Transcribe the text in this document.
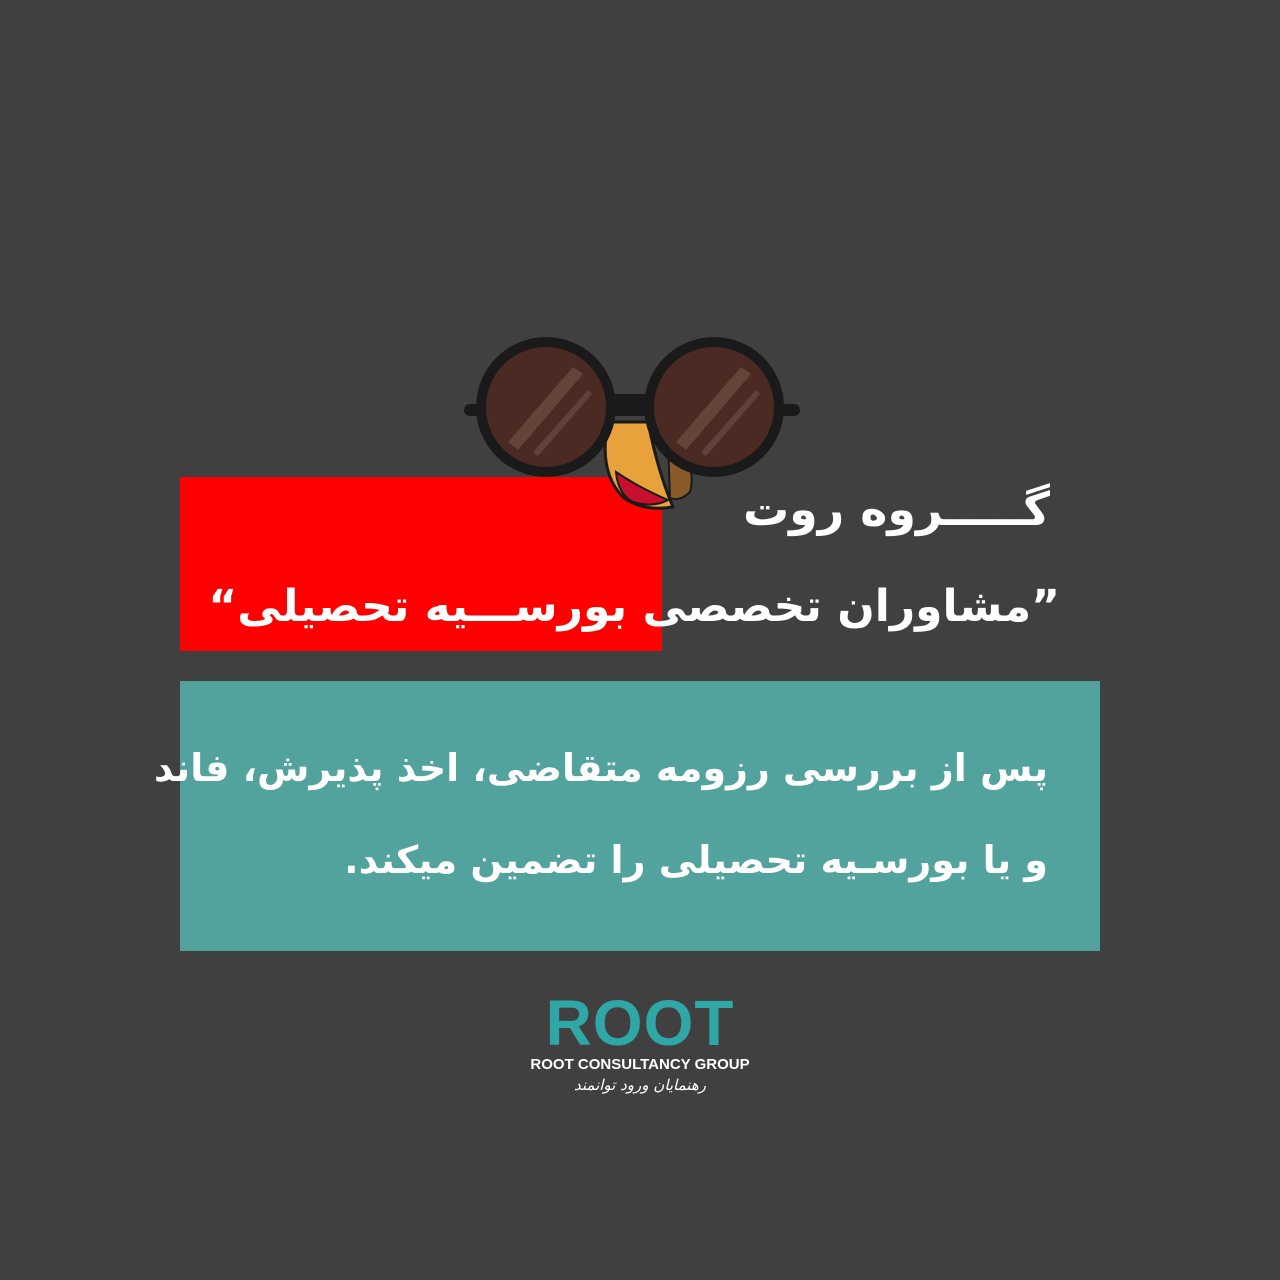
گـــــروه روت
”مشاوران تخصصی بورســـیه تحصیلی“
پس از بررسی رزومه متقاضی، اخذ پذیرش، فاند
و یا بورسـیه تحصیلی را تضمین میکند.
ROOT
ROOT CONSULTANCY GROUP
رهنمایان ورود توانمند
